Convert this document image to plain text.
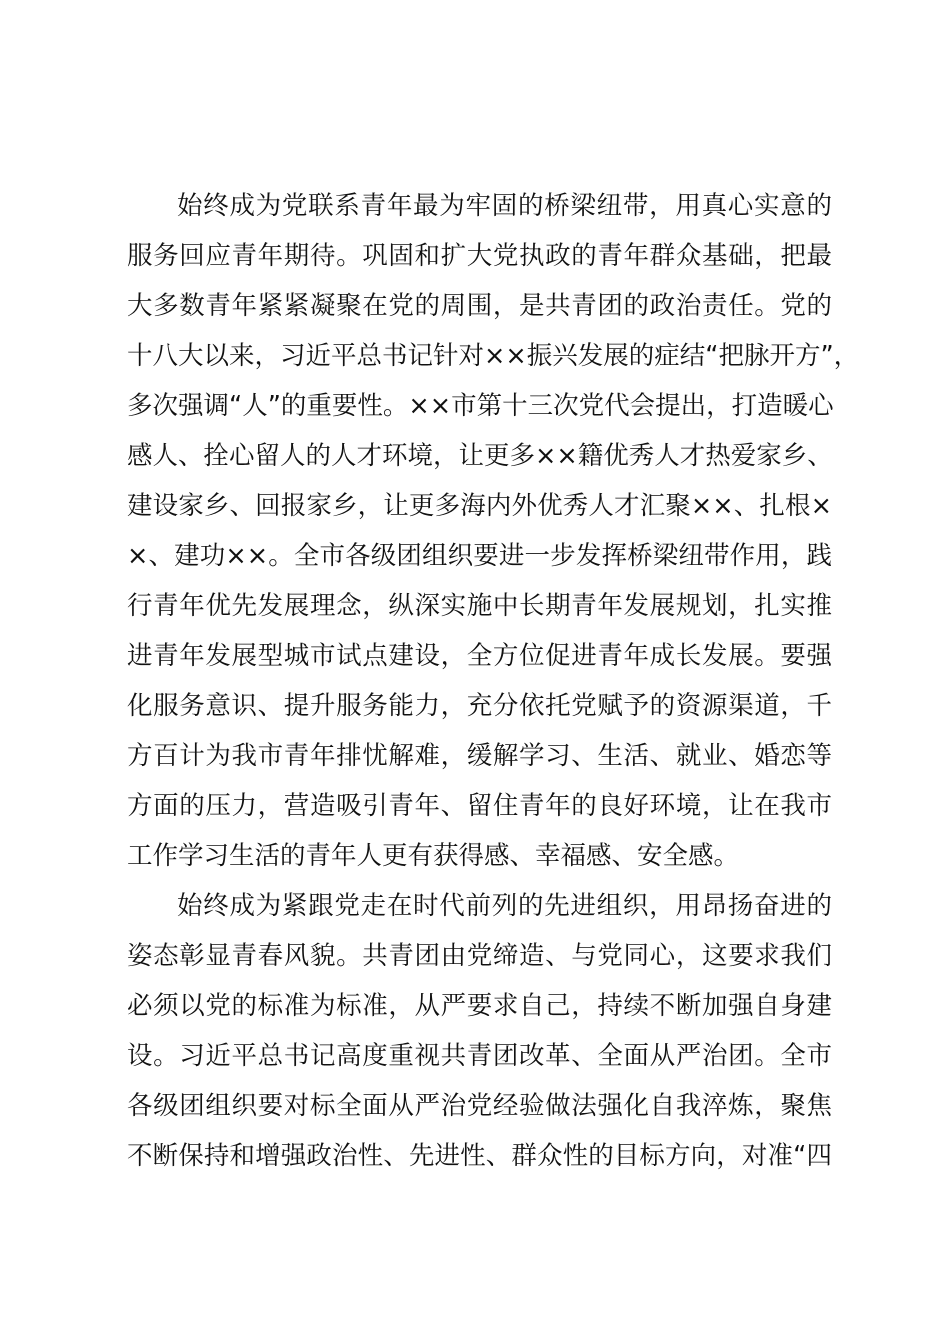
始终成为党联系青年最为牢固的桥梁纽带，用真心实意的
服务回应青年期待。巩固和扩大党执政的青年群众基础，把最
大多数青年紧紧凝聚在党的周围，是共青团的政治责任。党的
十八大以来，习近平总书记针对××振兴发展的症结“把脉开方”，
多次强调“人”的重要性。××市第十三次党代会提出，打造暖心
感人、拴心留人的人才环境，让更多××籍优秀人才热爱家乡、
建设家乡、回报家乡，让更多海内外优秀人才汇聚××、扎根×
×、建功××。全市各级团组织要进一步发挥桥梁纽带作用，践
行青年优先发展理念，纵深实施中长期青年发展规划，扎实推
进青年发展型城市试点建设，全方位促进青年成长发展。要强
化服务意识、提升服务能力，充分依托党赋予的资源渠道，千
方百计为我市青年排忧解难，缓解学习、生活、就业、婚恋等
方面的压力，营造吸引青年、留住青年的良好环境，让在我市
工作学习生活的青年人更有获得感、幸福感、安全感。

始终成为紧跟党走在时代前列的先进组织，用昂扬奋进的
姿态彰显青春风貌。共青团由党缔造、与党同心，这要求我们
必须以党的标准为标准，从严要求自己，持续不断加强自身建
设。习近平总书记高度重视共青团改革、全面从严治团。全市
各级团组织要对标全面从严治党经验做法强化自我淬炼，聚焦
不断保持和增强政治性、先进性、群众性的目标方向，对准“四
